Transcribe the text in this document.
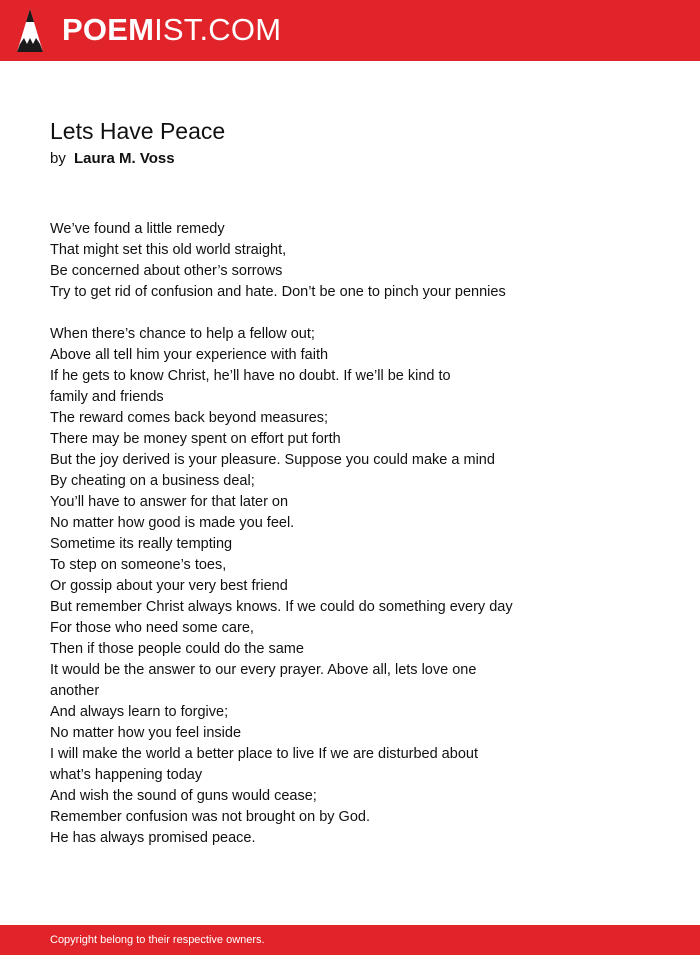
POEMIST.COM
Lets Have Peace
by Laura M. Voss
We’ve found a little remedy
That might set this old world straight,
Be concerned about other’s sorrows
Try to get rid of confusion and hate. Don’t be one to pinch your pennies
When there’s chance to help a fellow out;
Above all tell him your experience with faith
If he gets to know Christ, he’ll have no doubt. If we’ll be kind to
family and friends
The reward comes back beyond measures;
There may be money spent on effort put forth
But the joy derived is your pleasure. Suppose you could make a mind
By cheating on a business deal;
You’ll have to answer for that later on
No matter how good is made you feel.
Sometime its really tempting
To step on someone’s toes,
Or gossip about your very best friend
But remember Christ always knows. If we could do something every day
For those who need some care,
Then if those people could do the same
It would be the answer to our every prayer. Above all, lets love one
another
And always learn to forgive;
No matter how you feel inside
I will make the world a better place to live If we are disturbed about
what’s happening today
And wish the sound of guns would cease;
Remember confusion was not brought on by God.
He has always promised peace.
Copyright belong to their respective owners.
